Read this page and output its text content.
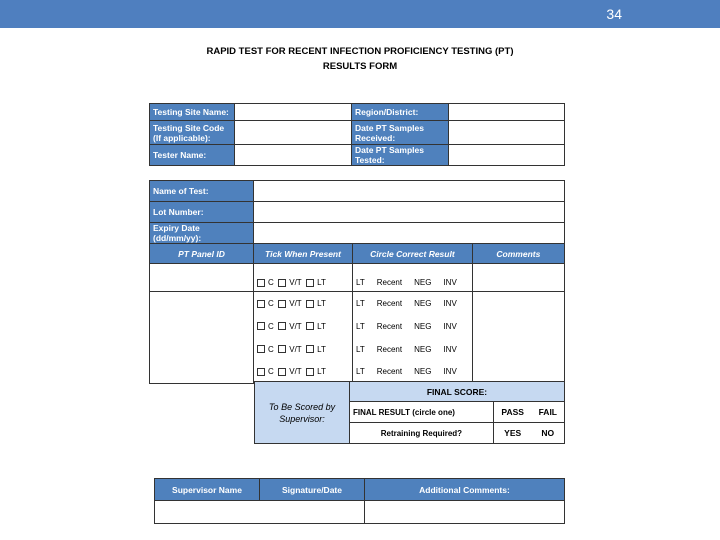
34
RAPID TEST FOR RECENT INFECTION PROFICIENCY TESTING (PT)
RESULTS FORM
Testing Site Name:		Region/District:	
Testing Site Code (If applicable):		Date PT Samples Received:	
Tester Name:		Date PT Samples Tested:	
Name of Test:			
Lot Number:			
Expiry Date (dd/mm/yy):			
PT Panel ID	Tick When Present	Circle Correct Result	Comments
	C V/T LT	LT Recent NEG INV	
	C V/T LT	LT Recent NEG INV	
	C V/T LT	LT Recent NEG INV	
	C V/T LT	LT Recent NEG INV	
	C V/T LT	LT Recent NEG INV	
To Be Scored by Supervisor:	FINAL SCORE:		
	FINAL RESULT (circle one)	PASS	FAIL
	Retraining Required?	YES	NO
Supervisor Name	Signature/Date	Additional Comments:
